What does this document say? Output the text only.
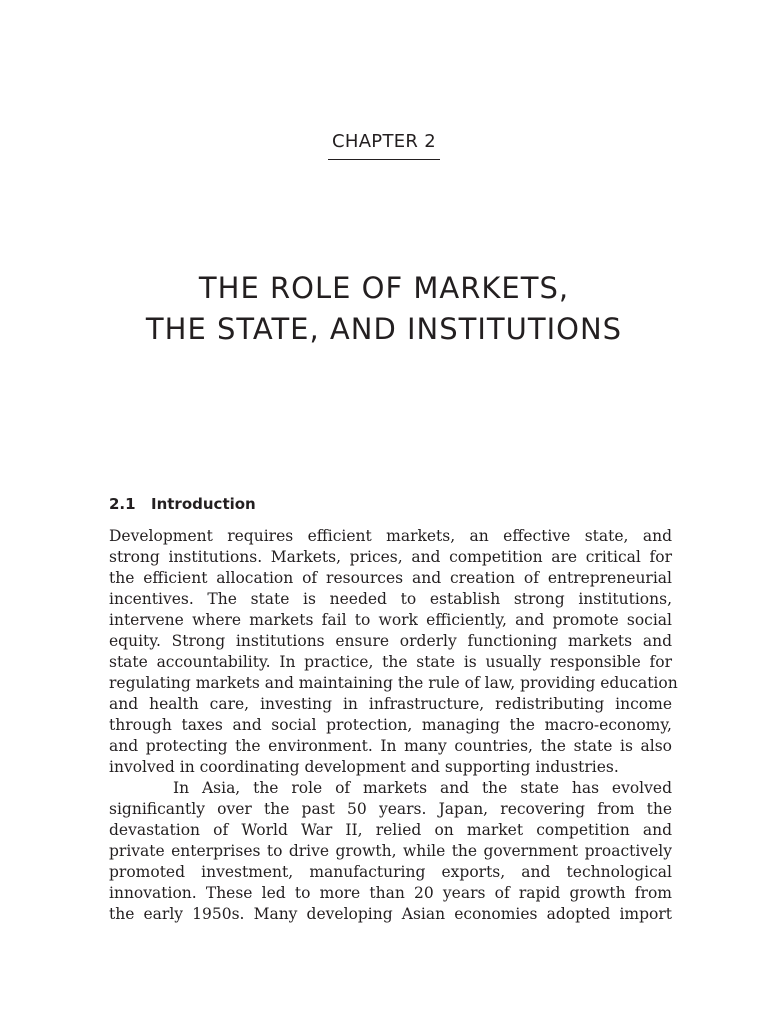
CHAPTER 2
THE ROLE OF MARKETS,
THE STATE, AND INSTITUTIONS
2.1 Introduction
Development requires efficient markets, an effective state, and
strong institutions. Markets, prices, and competition are critical for
the efficient allocation of resources and creation of entrepreneurial
incentives. The state is needed to establish strong institutions,
intervene where markets fail to work efficiently, and promote social
equity. Strong institutions ensure orderly functioning markets and
state accountability. In practice, the state is usually responsible for
regulating markets and maintaining the rule of law, providing education
and health care, investing in infrastructure, redistributing income
through taxes and social protection, managing the macro-economy,
and protecting the environment. In many countries, the state is also
involved in coordinating development and supporting industries.
In Asia, the role of markets and the state has evolved
significantly over the past 50 years. Japan, recovering from the
devastation of World War II, relied on market competition and
private enterprises to drive growth, while the government proactively
promoted investment, manufacturing exports, and technological
innovation. These led to more than 20 years of rapid growth from
the early 1950s. Many developing Asian economies adopted import
